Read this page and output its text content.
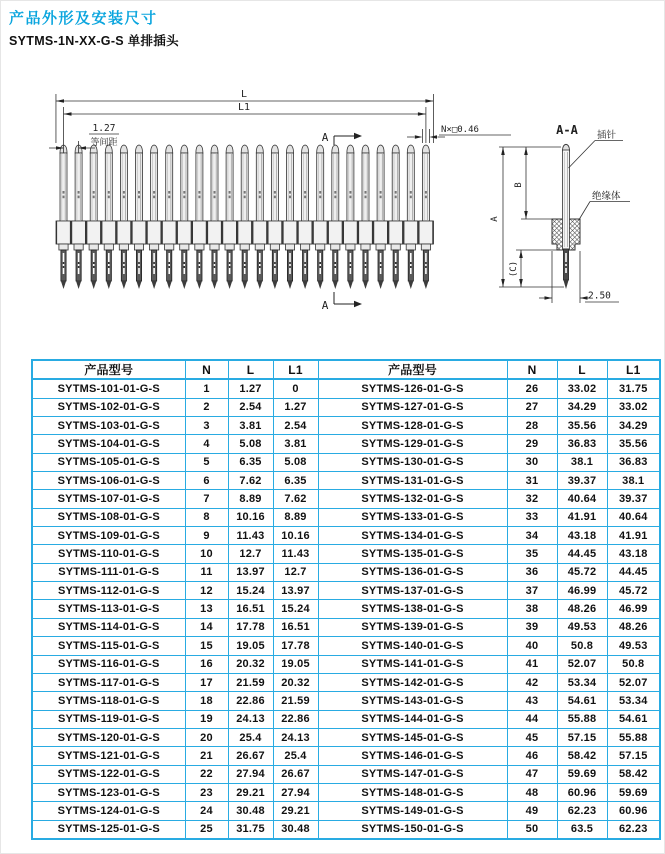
产品外形及安装尺寸
SYTMS-1N-XX-G-S 单排插头
L
L1
1.27
等间距
N×□0.46
A
A
A-A
A
B
(C)
2.50
插针
绝缘体
产品型号	N	L	L1	产品型号	N	L	L1
SYTMS-101-01-G-S	1	1.27	0	SYTMS-126-01-G-S	26	33.02	31.75
SYTMS-102-01-G-S	2	2.54	1.27	SYTMS-127-01-G-S	27	34.29	33.02
SYTMS-103-01-G-S	3	3.81	2.54	SYTMS-128-01-G-S	28	35.56	34.29
SYTMS-104-01-G-S	4	5.08	3.81	SYTMS-129-01-G-S	29	36.83	35.56
SYTMS-105-01-G-S	5	6.35	5.08	SYTMS-130-01-G-S	30	38.1	36.83
SYTMS-106-01-G-S	6	7.62	6.35	SYTMS-131-01-G-S	31	39.37	38.1
SYTMS-107-01-G-S	7	8.89	7.62	SYTMS-132-01-G-S	32	40.64	39.37
SYTMS-108-01-G-S	8	10.16	8.89	SYTMS-133-01-G-S	33	41.91	40.64
SYTMS-109-01-G-S	9	11.43	10.16	SYTMS-134-01-G-S	34	43.18	41.91
SYTMS-110-01-G-S	10	12.7	11.43	SYTMS-135-01-G-S	35	44.45	43.18
SYTMS-111-01-G-S	11	13.97	12.7	SYTMS-136-01-G-S	36	45.72	44.45
SYTMS-112-01-G-S	12	15.24	13.97	SYTMS-137-01-G-S	37	46.99	45.72
SYTMS-113-01-G-S	13	16.51	15.24	SYTMS-138-01-G-S	38	48.26	46.99
SYTMS-114-01-G-S	14	17.78	16.51	SYTMS-139-01-G-S	39	49.53	48.26
SYTMS-115-01-G-S	15	19.05	17.78	SYTMS-140-01-G-S	40	50.8	49.53
SYTMS-116-01-G-S	16	20.32	19.05	SYTMS-141-01-G-S	41	52.07	50.8
SYTMS-117-01-G-S	17	21.59	20.32	SYTMS-142-01-G-S	42	53.34	52.07
SYTMS-118-01-G-S	18	22.86	21.59	SYTMS-143-01-G-S	43	54.61	53.34
SYTMS-119-01-G-S	19	24.13	22.86	SYTMS-144-01-G-S	44	55.88	54.61
SYTMS-120-01-G-S	20	25.4	24.13	SYTMS-145-01-G-S	45	57.15	55.88
SYTMS-121-01-G-S	21	26.67	25.4	SYTMS-146-01-G-S	46	58.42	57.15
SYTMS-122-01-G-S	22	27.94	26.67	SYTMS-147-01-G-S	47	59.69	58.42
SYTMS-123-01-G-S	23	29.21	27.94	SYTMS-148-01-G-S	48	60.96	59.69
SYTMS-124-01-G-S	24	30.48	29.21	SYTMS-149-01-G-S	49	62.23	60.96
SYTMS-125-01-G-S	25	31.75	30.48	SYTMS-150-01-G-S	50	63.5	62.23
